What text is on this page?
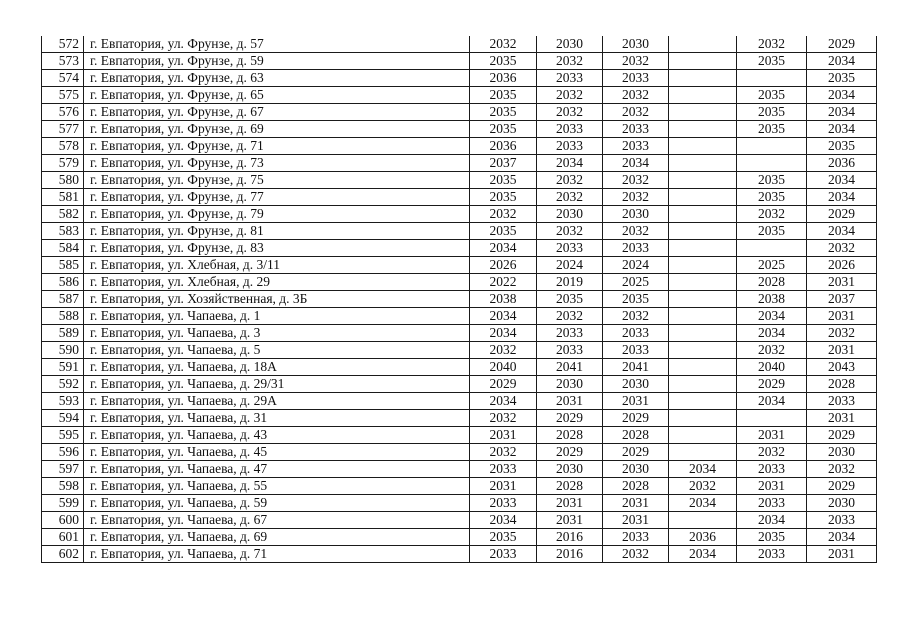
572	г. Евпатория, ул. Фрунзе, д. 57	2032	2030	2030		2032	2029
573	г. Евпатория, ул. Фрунзе, д. 59	2035	2032	2032		2035	2034
574	г. Евпатория, ул. Фрунзе, д. 63	2036	2033	2033			2035
575	г. Евпатория, ул. Фрунзе, д. 65	2035	2032	2032		2035	2034
576	г. Евпатория, ул. Фрунзе, д. 67	2035	2032	2032		2035	2034
577	г. Евпатория, ул. Фрунзе, д. 69	2035	2033	2033		2035	2034
578	г. Евпатория, ул. Фрунзе, д. 71	2036	2033	2033			2035
579	г. Евпатория, ул. Фрунзе, д. 73	2037	2034	2034			2036
580	г. Евпатория, ул. Фрунзе, д. 75	2035	2032	2032		2035	2034
581	г. Евпатория, ул. Фрунзе, д. 77	2035	2032	2032		2035	2034
582	г. Евпатория, ул. Фрунзе, д. 79	2032	2030	2030		2032	2029
583	г. Евпатория, ул. Фрунзе, д. 81	2035	2032	2032		2035	2034
584	г. Евпатория, ул. Фрунзе, д. 83	2034	2033	2033			2032
585	г. Евпатория, ул. Хлебная, д. 3/11	2026	2024	2024		2025	2026
586	г. Евпатория, ул. Хлебная, д. 29	2022	2019	2025		2028	2031
587	г. Евпатория, ул. Хозяйственная, д. 3Б	2038	2035	2035		2038	2037
588	г. Евпатория, ул. Чапаева, д. 1	2034	2032	2032		2034	2031
589	г. Евпатория, ул. Чапаева, д. 3	2034	2033	2033		2034	2032
590	г. Евпатория, ул. Чапаева, д. 5	2032	2033	2033		2032	2031
591	г. Евпатория, ул. Чапаева, д. 18А	2040	2041	2041		2040	2043
592	г. Евпатория, ул. Чапаева, д. 29/31	2029	2030	2030		2029	2028
593	г. Евпатория, ул. Чапаева, д. 29А	2034	2031	2031		2034	2033
594	г. Евпатория, ул. Чапаева, д. 31	2032	2029	2029			2031
595	г. Евпатория, ул. Чапаева, д. 43	2031	2028	2028		2031	2029
596	г. Евпатория, ул. Чапаева, д. 45	2032	2029	2029		2032	2030
597	г. Евпатория, ул. Чапаева, д. 47	2033	2030	2030	2034	2033	2032
598	г. Евпатория, ул. Чапаева, д. 55	2031	2028	2028	2032	2031	2029
599	г. Евпатория, ул. Чапаева, д. 59	2033	2031	2031	2034	2033	2030
600	г. Евпатория, ул. Чапаева, д. 67	2034	2031	2031		2034	2033
601	г. Евпатория, ул. Чапаева, д. 69	2035	2016	2033	2036	2035	2034
602	г. Евпатория, ул. Чапаева, д. 71	2033	2016	2032	2034	2033	2031
